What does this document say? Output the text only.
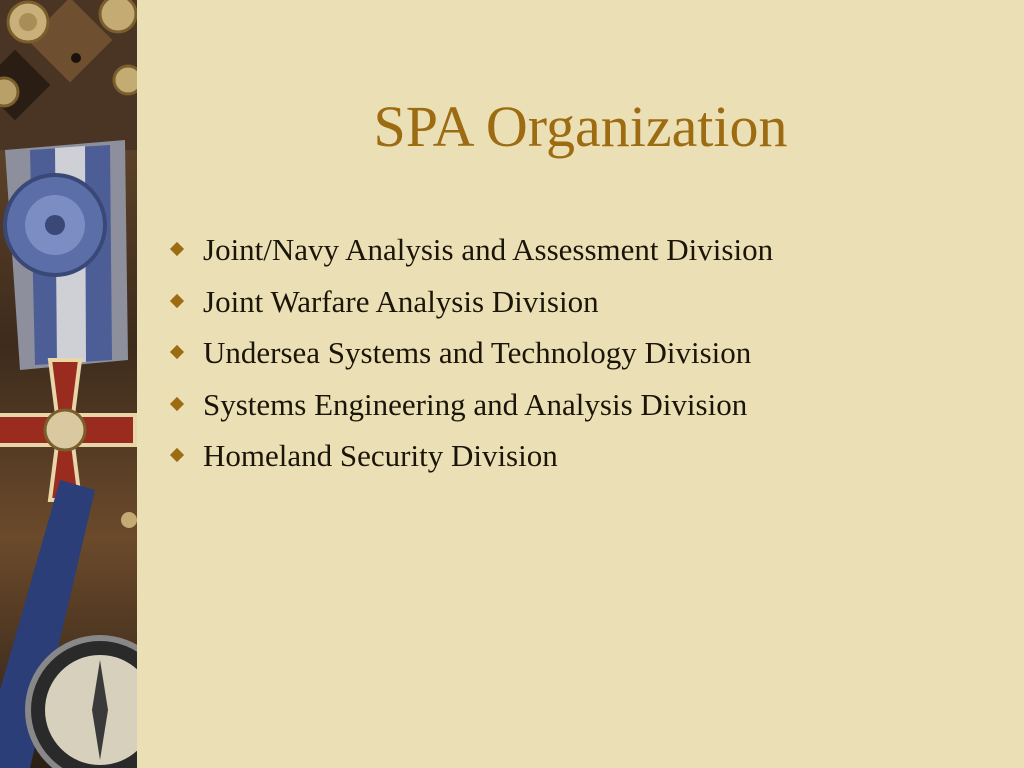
SPA Organization
Joint/Navy Analysis and Assessment Division
Joint Warfare Analysis Division
Undersea Systems and Technology Division
Systems Engineering and Analysis Division
Homeland Security Division
